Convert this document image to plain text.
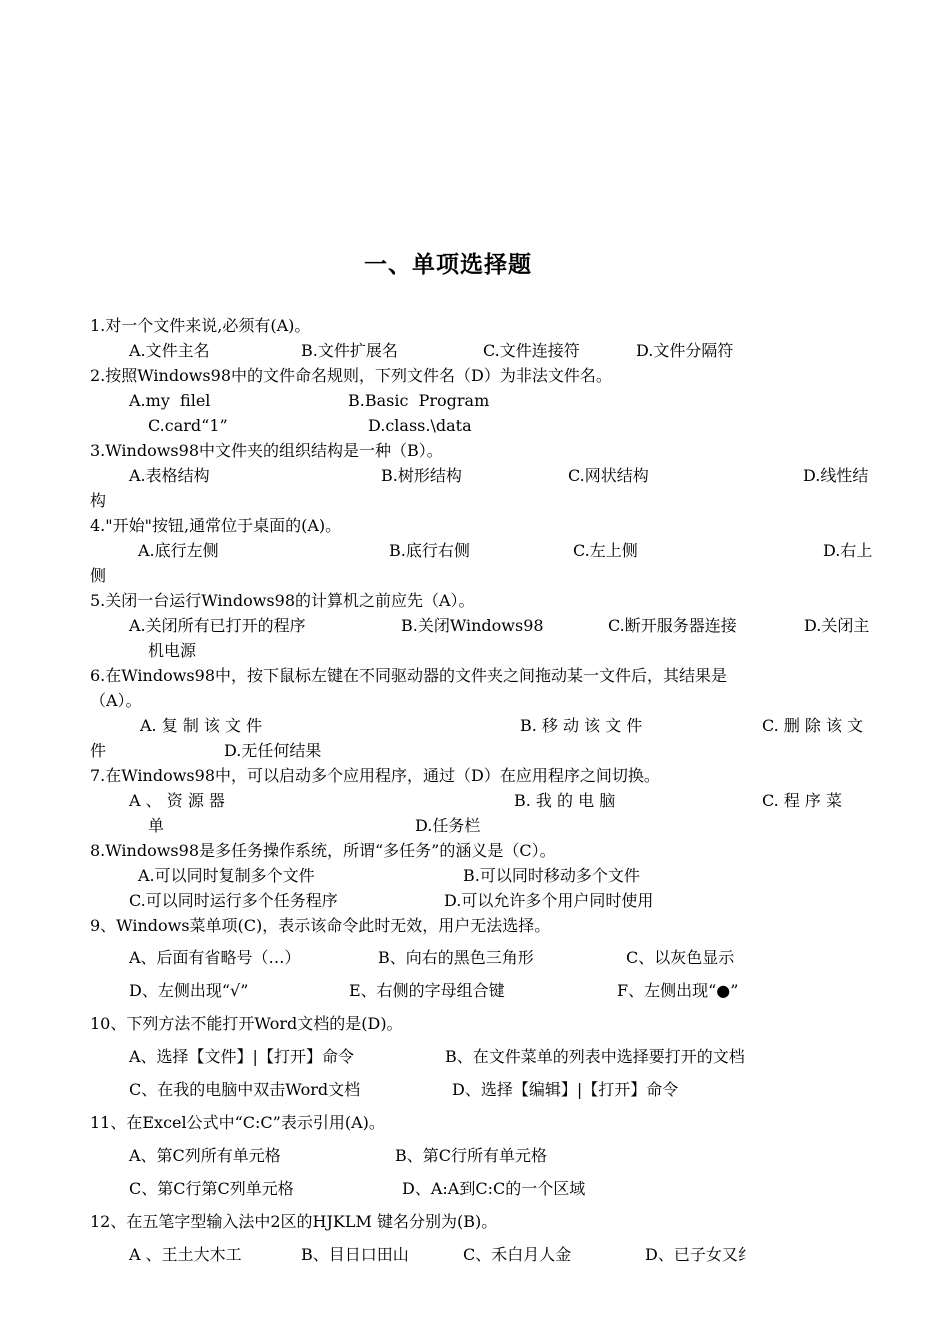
一、单项选择题
1.对一个文件来说,必须有(A)。
A.文件主名	B.文件扩展名	C.文件连接符	D.文件分隔符
2.按照Windows98中的文件命名规则，下列文件名（D）为非法文件名。
A.my  filel	B.Basic  Program
C.card“1”	D.class.\data
3.Windows98中文件夹的组织结构是一种（B）。
A.表格结构	B.树形结构	C.网状结构	D.线性结
构
4."开始"按钮,通常位于桌面的(A)。
A.底行左侧	B.底行右侧	C.左上侧	D.右上
侧
5.关闭一台运行Windows98的计算机之前应先（A）。
A.关闭所有已打开的程序	B.关闭Windows98	C.断开服务器连接	D.关闭主
机电源
6.在Windows98中，按下鼠标左键在不同驱动器的文件夹之间拖动某一文件后，其结果是
（A）。
A. 复 制 该 文 件	B. 移 动 该 文 件	C. 删 除 该 文
件	D.无任何结果
7.在Windows98中，可以启动多个应用程序，通过（D）在应用程序之间切换。
A 、 资 源 器	B. 我 的 电 脑	C. 程 序 菜
单	D.任务栏
8.Windows98是多任务操作系统，所谓“多任务”的涵义是（C）。
A.可以同时复制多个文件	B.可以同时移动多个文件
C.可以同时运行多个任务程序	D.可以允许多个用户同时使用
9、Windows菜单项(C)，表示该命令此时无效，用户无法选择。
A、后面有省略号（…）	B、向右的黑色三角形	C、以灰色显示
D、左侧出现“√”	E、右侧的字母组合键	F、左侧出现“●”
10、下列方法不能打开Word文档的是(D)。
A、选择【文件】|【打开】命令	B、在文件菜单的列表中选择要打开的文档
C、在我的电脑中双击Word文档	D、选择【编辑】|【打开】命令
11、在Excel公式中“C:C”表示引用(A)。
A、第C列所有单元格	B、第C行所有单元格
C、第C行第C列单元格	D、A:A到C:C的一个区域
12、在五笔字型输入法中2区的HJKLM 键名分别为(B)。
A 、王土大木工	B、目日口田山	C、禾白月人金	D、已子女又纟
